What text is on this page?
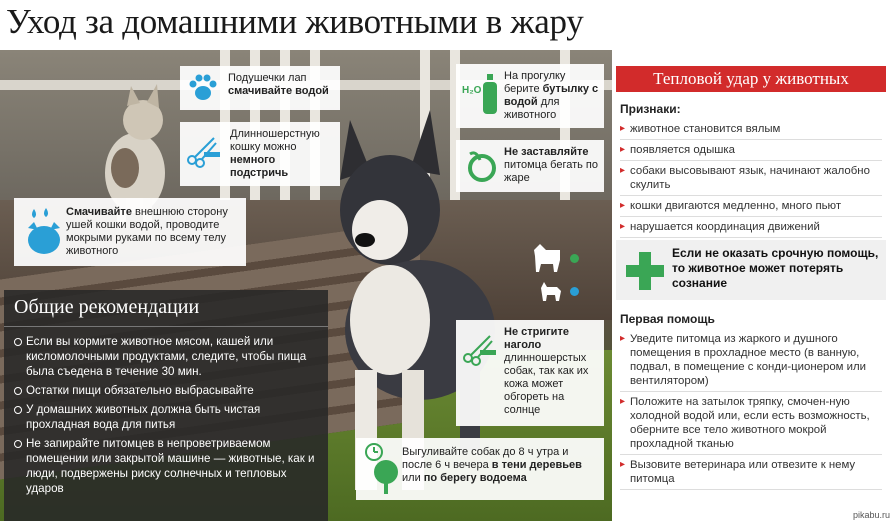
Уход за домашними животными в жару
Подушечки лап
смачивайте водой
Длинношерстную кошку можно немного подстричь
Смачивайте внешнюю сторону ушей кошки водой, проводите мокрыми руками по всему телу животного
H₂O
На прогулку берите бутылку с водой для животного
Не заставляйте питомца бегать по жаре
Не стригите наголо длинношерстых собак, так как их кожа может обгореть на солнце
Выгуливайте собак до 8 ч утра и после 6 ч вечера в тени деревьев или по берегу водоема
Общие рекомендации
Если вы кормите животное мясом, кашей или кисломолочными продуктами, следите, чтобы пища была съедена в течение 30 мин.
Остатки пищи обязательно выбрасывайте
У домашних животных должна быть чистая прохладная вода для питья
Не запирайте питомцев в непроветриваемом помещении или закрытой машине — животные, как и люди, подвержены риску солнечных и тепловых ударов
Тепловой удар у животных
Признаки:
▸ животное становится вялым
▸ появляется одышка
▸ собаки высовывают язык, начинают жалобно скулить
▸ кошки двигаются медленно, много пьют
▸ нарушается координация движений
Если не оказать срочную помощь, то животное может потерять сознание
Первая помощь
▸ Уведите питомца из жаркого и душного помещения в прохладное место (в ванную, подвал, в помещение с конди-ционером или вентилятором)
▸ Положите на затылок тряпку, смочен-ную холодной водой или, если есть возможность, оберните все тело животного мокрой прохладной тканью
▸ Вызовите ветеринара или отвезите к нему питомца
pikabu.ru
